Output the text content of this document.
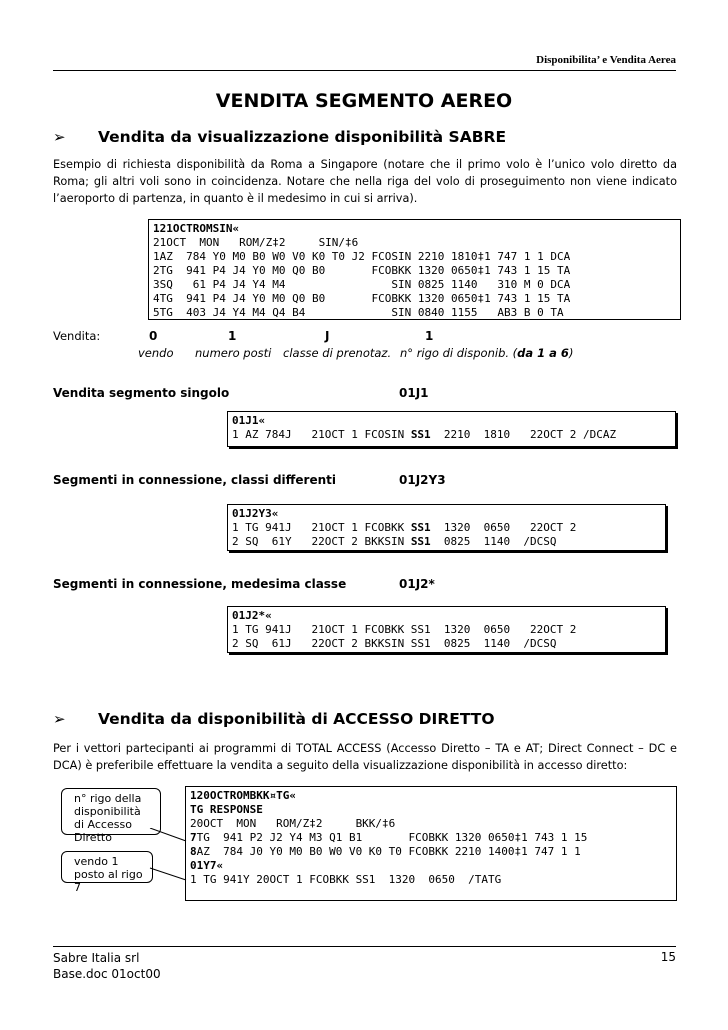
Disponibilita’ e Vendita Aerea
VENDITA SEGMENTO AEREO
➢ Vendita da visualizzazione disponibilità SABRE
Esempio di richiesta disponibilità da Roma a Singapore (notare che il primo volo è l’unico volo diretto da Roma; gli altri voli sono in coincidenza. Notare che nella riga del volo di proseguimento non viene indicato l’aeroporto di partenza, in quanto è il medesimo in cui si arriva).
121OCTROMSIN«
21OCT  MON   ROM/Z‡2     SIN/‡6
1AZ  784 Y0 M0 B0 W0 V0 K0 T0 J2 FCOSIN 2210 1810‡1 747 1 1 DCA
2TG  941 P4 J4 Y0 M0 Q0 B0       FCOBKK 1320 0650‡1 743 1 15 TA
3SQ   61 P4 J4 Y4 M4                SIN 0825 1140   310 M 0 DCA
4TG  941 P4 J4 Y0 M0 Q0 B0       FCOBKK 1320 0650‡1 743 1 15 TA
5TG  403 J4 Y4 M4 Q4 B4             SIN 0840 1155   AB3 B 0 TA
Vendita:	0	1	J	1
vendo numero posti classe di prenotaz. n° rigo di disponib. (da 1 a 6)
Vendita segmento singolo	01J1
01J1«
1 AZ 784J   21OCT 1 FCOSIN SS1  2210  1810   22OCT 2 /DCAZ
Segmenti in connessione, classi differenti	01J2Y3
01J2Y3«
1 TG 941J   21OCT 1 FCOBKK SS1  1320  0650   22OCT 2
2 SQ  61Y   22OCT 2 BKKSIN SS1  0825  1140  /DCSQ
Segmenti in connessione, medesima classe	01J2*
01J2*«
1 TG 941J   21OCT 1 FCOBKK SS1  1320  0650   22OCT 2
2 SQ  61J   22OCT 2 BKKSIN SS1  0825  1140  /DCSQ
➢ Vendita da disponibilità di ACCESSO DIRETTO
Per i vettori partecipanti ai programmi di TOTAL ACCESS (Accesso Diretto – TA e AT; Direct Connect – DC e DCA) è preferibile effettuare la vendita a seguito della visualizzazione disponibilità in accesso diretto:
n° rigo della disponibilità di Accesso Diretto
vendo 1 posto al rigo 7
120OCTROMBKK¤TG«
TG RESPONSE
20OCT  MON   ROM/Z‡2     BKK/‡6
7TG  941 P2 J2 Y4 M3 Q1 B1       FCOBKK 1320 0650‡1 743 1 15
8AZ  784 J0 Y0 M0 B0 W0 V0 K0 T0 FCOBKK 2210 1400‡1 747 1 1
01Y7«
1 TG 941Y 20OCT 1 FCOBKK SS1  1320  0650  /TATG
Sabre Italia srl
Base.doc 01oct00
15
